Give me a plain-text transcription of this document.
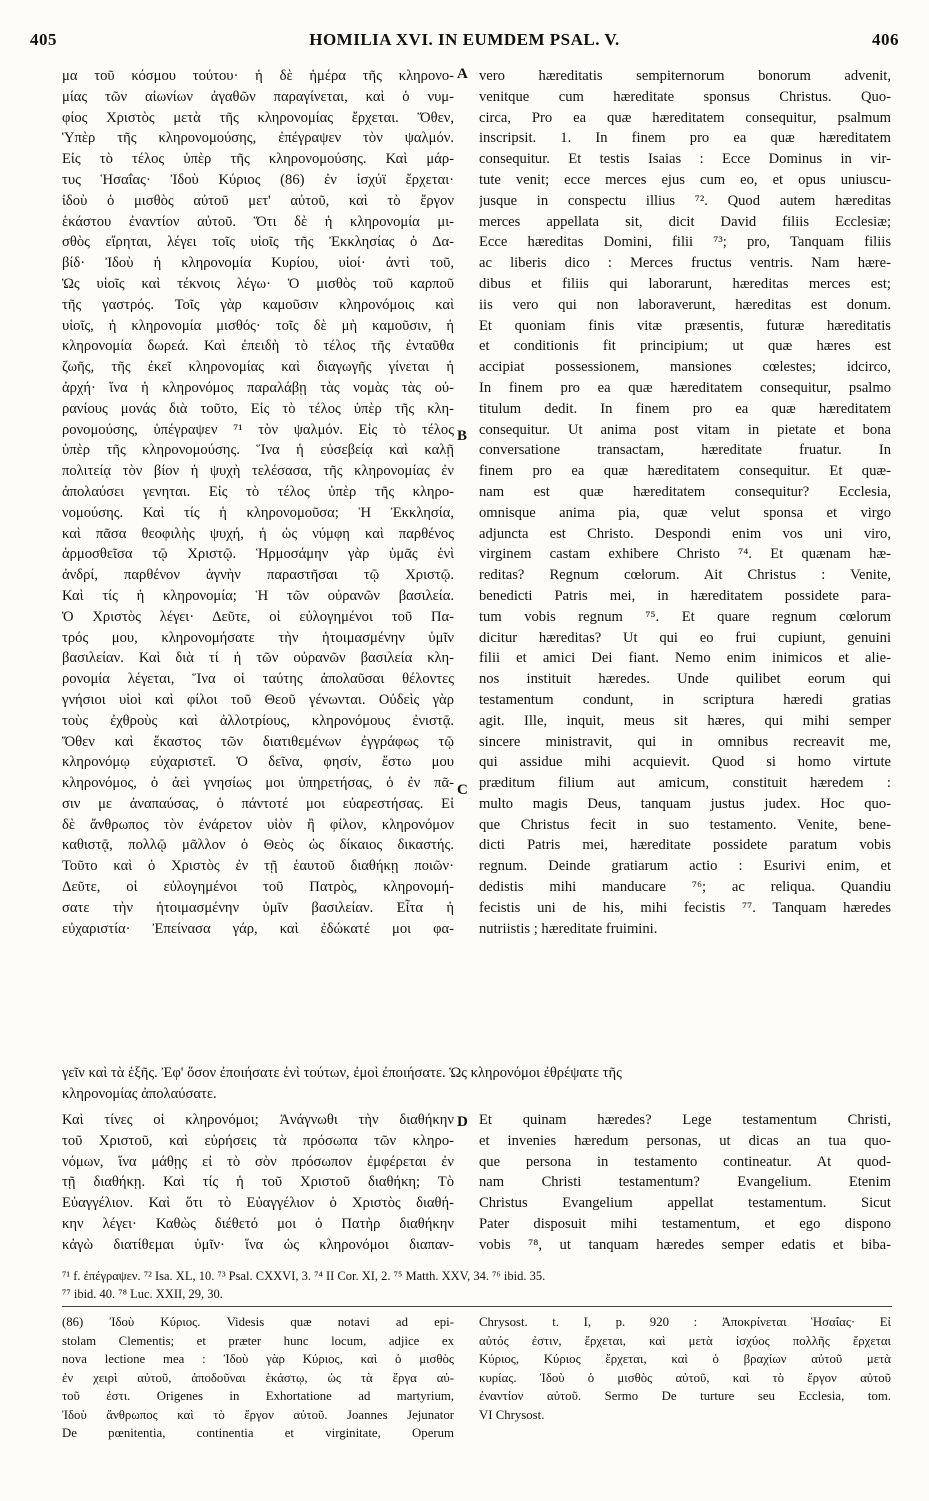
405	HOMILIA XVI. IN EUMDEM PSAL. V.	406

μα τοῦ κόσμου τούτου· ἡ δὲ ἡμέρα τῆς κληρονο-

μίας τῶν αἰωνίων ἀγαθῶν παραγίνεται, καὶ ὁ νυμ-

φίος Χριστὸς μετὰ τῆς κληρονομίας ἔρχεται. Ὅθεν,

Ὑπὲρ τῆς κληρονομούσης, ἐπέγραψεν τὸν ψαλμόν.

Εἰς τὸ τέλος ὑπὲρ τῆς κληρονομούσης. Καὶ μάρ-

τυς Ἡσαΐας· Ἰδοὺ Κύριος (86) ἐν ἰσχύϊ ἔρχεται·

ἰδοὺ ὁ μισθὸς αὐτοῦ μετ' αὐτοῦ, καὶ τὸ ἔργον

ἑκάστου ἐναντίον αὐτοῦ. Ὅτι δὲ ἡ κληρονομία μι-

σθὸς εἴρηται, λέγει τοῖς υἱοῖς τῆς Ἐκκλησίας ὁ Δα-

βίδ· Ἰδοὺ ἡ κληρονομία Κυρίου, υἱοί· ἀντὶ τοῦ,

Ὡς υἱοῖς καὶ τέκνοις λέγω· Ὁ μισθὸς τοῦ καρποῦ

τῆς γαστρός. Τοῖς γὰρ καμοῦσιν κληρονόμοις καὶ

υἱοῖς, ἡ κληρονομία μισθός· τοῖς δὲ μὴ καμοῦσιν, ἡ

κληρονομία δωρεά. Καὶ ἐπειδὴ τὸ τέλος τῆς ἐνταῦθα

ζωῆς, τῆς ἐκεῖ κληρονομίας καὶ διαγωγῆς γίνεται ἡ

ἀρχή· ἵνα ἡ κληρονόμος παραλάβῃ τὰς νομὰς τὰς οὐ-

ρανίους μονάς διὰ τοῦτο, Εἰς τὸ τέλος ὑπὲρ τῆς κλη-

ρονομούσης, ὑπέγραψεν ⁷¹ τὸν ψαλμόν. Εἰς τὸ τέλος

ὑπὲρ τῆς κληρονομούσης. Ἵνα ἡ εὐσεβείᾳ καὶ καλῇ

πολιτείᾳ τὸν βίον ἡ ψυχὴ τελέσασα, τῆς κληρονομίας ἐν

ἀπολαύσει γενηται. Εἰς τὸ τέλος ὑπὲρ τῆς κληρο-

νομούσης. Καὶ τίς ἡ κληρονομοῦσα; Ἡ Ἐκκλησία,

καὶ πᾶσα θεοφιλὴς ψυχή, ἡ ὡς νύμφη καὶ παρθένος

ἁρμοσθεῖσα τῷ Χριστῷ. Ἡρμοσάμην γὰρ ὑμᾶς ἑνὶ

ἀνδρί, παρθένον ἁγνὴν παραστῆσαι τῷ Χριστῷ.

Καὶ τίς ἡ κληρονομία; Ἡ τῶν οὐρανῶν βασιλεία.

Ὁ Χριστὸς λέγει· Δεῦτε, οἱ εὐλογημένοι τοῦ Πα-

τρός μου, κληρονομήσατε τὴν ἡτοιμασμένην ὑμῖν

βασιλείαν. Καὶ διὰ τί ἡ τῶν οὐρανῶν βασιλεία κλη-

ρονομία λέγεται, Ἵνα οἱ ταύτης ἀπολαῦσαι θέλοντες

γνήσιοι υἱοὶ καὶ φίλοι τοῦ Θεοῦ γένωνται. Οὐδεὶς γὰρ

τοὺς ἐχθροὺς καὶ ἀλλοτρίους, κληρονόμους ἐνιστᾷ.

Ὅθεν καὶ ἕκαστος τῶν διατιθεμένων ἐγγράφως τῷ

κληρονόμῳ εὐχαριστεῖ. Ὁ δεῖνα, φησίν, ἔστω μου

κληρονόμος, ὁ ἀεὶ γνησίως μοι ὑπηρετήσας, ὁ ἐν πᾶ-

σιν με ἀναπαύσας, ὁ πάντοτέ μοι εὐαρεστήσας. Εἰ

δὲ ἄνθρωπος τὸν ἐνάρετον υἱὸν ἢ φίλον, κληρονόμον

καθιστᾷ, πολλῷ μᾶλλον ὁ Θεὸς ὡς δίκαιος δικαστής.

Τοῦτο καὶ ὁ Χριστὸς ἐν τῇ ἑαυτοῦ διαθήκῃ ποιῶν·

Δεῦτε, οἱ εὐλογημένοι τοῦ Πατρὸς, κληρονομή-

σατε τὴν ἡτοιμασμένην ὑμῖν βασιλείαν. Εἶτα ἡ

εὐχαριστία· Ἐπείνασα γάρ, καὶ ἐδώκατέ μοι φα-

vero hæreditatis sempiternorum bonorum advenit,

venitque cum hæreditate sponsus Christus. Quo-

circa, Pro ea quæ hæreditatem consequitur, psalmum

inscripsit. 1. In finem pro ea quæ hæreditatem

consequitur. Et testis Isaias : Ecce Dominus in vir-

tute venit; ecce merces ejus cum eo, et opus uniuscu-

jusque in conspectu illius ⁷². Quod autem hæreditas

merces appellata sit, dicit David filiis Ecclesiæ;

Ecce hæreditas Domini, filii ⁷³; pro, Tanquam filiis

ac liberis dico : Merces fructus ventris. Nam hære-

dibus et filiis qui laborarunt, hæreditas merces est;

iis vero qui non laboraverunt, hæreditas est donum.

Et quoniam finis vitæ præsentis, futuræ hæreditatis

et conditionis fit principium; ut quæ hæres est

accipiat possessionem, mansiones cœlestes; idcirco,

In finem pro ea quæ hæreditatem consequitur, psalmo

titulum dedit. In finem pro ea quæ hæreditatem

consequitur. Ut anima post vitam in pietate et bona

conversatione transactam, hæreditate fruatur. In

finem pro ea quæ hæreditatem consequitur. Et quæ-

nam est quæ hæreditatem consequitur? Ecclesia,

omnisque anima pia, quæ velut sponsa et virgo

adjuncta est Christo. Despondi enim vos uni viro,

virginem castam exhibere Christo ⁷⁴. Et quænam hæ-

reditas? Regnum cœlorum. Ait Christus : Venite,

benedicti Patris mei, in hæreditatem possidete para-

tum vobis regnum ⁷⁵. Et quare regnum cœlorum

dicitur hæreditas? Ut qui eo frui cupiunt, genuini

filii et amici Dei fiant. Nemo enim inimicos et alie-

nos instituit hæredes. Unde quilibet eorum qui

testamentum condunt, in scriptura hæredi gratias

agit. Ille, inquit, meus sit hæres, qui mihi semper

sincere ministravit, qui in omnibus recreavit me,

qui assidue mihi acquievit. Quod si homo virtute

præditum filium aut amicum, constituit hæredem :

multo magis Deus, tanquam justus judex. Hoc quo-

que Christus fecit in suo testamento. Venite, bene-

dicti Patris mei, hæreditate possidete paratum vobis

regnum. Deinde gratiarum actio : Esurivi enim, et

dedistis mihi manducare ⁷⁶; ac reliqua. Quandiu

fecistis uni de his, mihi fecistis ⁷⁷. Tanquam hæredes

nutriistis ; hæreditate fruimini.

A
B
C
D

γεῖν καὶ τὰ ἑξῆς. Ἐφ' ὅσον ἐποιήσατε ἑνὶ τούτων, ἐμοὶ ἐποιήσατε. Ὡς κληρονόμοι ἐθρέψατε τῆς

κληρονομίας ἀπολαύσατε.

Καὶ τίνες οἱ κληρονόμοι; Ἀνάγνωθι τὴν διαθήκην

τοῦ Χριστοῦ, καὶ εὑρήσεις τὰ πρόσωπα τῶν κληρο-

νόμων, ἵνα μάθῃς εἰ τὸ σὸν πρόσωπον ἐμφέρεται ἐν

τῇ διαθήκῃ. Καὶ τίς ἡ τοῦ Χριστοῦ διαθήκη; Τὸ

Εὐαγγέλιον. Καὶ ὅτι τὸ Εὐαγγέλιον ὁ Χριστὸς διαθή-

κην λέγει· Καθὼς διέθετό μοι ὁ Πατὴρ διαθήκην

κἀγὼ διατίθεμαι ὑμῖν· ἵνα ὡς κληρονόμοι διαπαν-

Et quinam hæredes? Lege testamentum Christi,

et invenies hæredum personas, ut dicas an tua quo-

que persona in testamento contineatur. At quod-

nam Christi testamentum? Evangelium. Etenim

Christus Evangelium appellat testamentum. Sicut

Pater disposuit mihi testamentum, et ego dispono

vobis ⁷⁸, ut tanquam hæredes semper edatis et biba-

⁷¹ f. ἐπέγραψεν. ⁷² Isa. XL, 10. ⁷³ Psal. CXXVI, 3. ⁷⁴ II Cor. XI, 2. ⁷⁵ Matth. XXV, 34. ⁷⁶ ibid. 35.

⁷⁷ ibid. 40. ⁷⁸ Luc. XXII, 29, 30.

(86) Ἰδοὺ Κύριος. Videsis quæ notavi ad epi-

stolam Clementis; et præter hunc locum, adjice ex

nova lectione mea : Ἰδοὺ γὰρ Κύριος, καὶ ὁ μισθὸς

ἐν χειρὶ αὐτοῦ, ἀποδοῦναι ἑκάστῳ, ὡς τὰ ἔργα αὐ-

τοῦ ἐστι. Origenes in Exhortatione ad martyrium,

Ἰδοὺ ἄνθρωπος καὶ τὸ ἔργον αὐτοῦ. Joannes Jejunator

De pœnitentia, continentia et virginitate, Operum

Chrysost. t. I, p. 920 : Ἀποκρίνεται Ἡσαΐας· Εἰ

αὐτός ἐστιν, ἔρχεται, καὶ μετὰ ἰσχύος πολλῆς ἔρχεται

Κύριος, Κύριος ἔρχεται, καὶ ὁ βραχίων αὐτοῦ μετὰ

κυρίας. Ἰδοὺ ὁ μισθὸς αὐτοῦ, καὶ τὸ ἔργον αὐτοῦ

ἐναντίον αὐτοῦ. Sermo De turture seu Ecclesia, tom.

VI Chrysost.
